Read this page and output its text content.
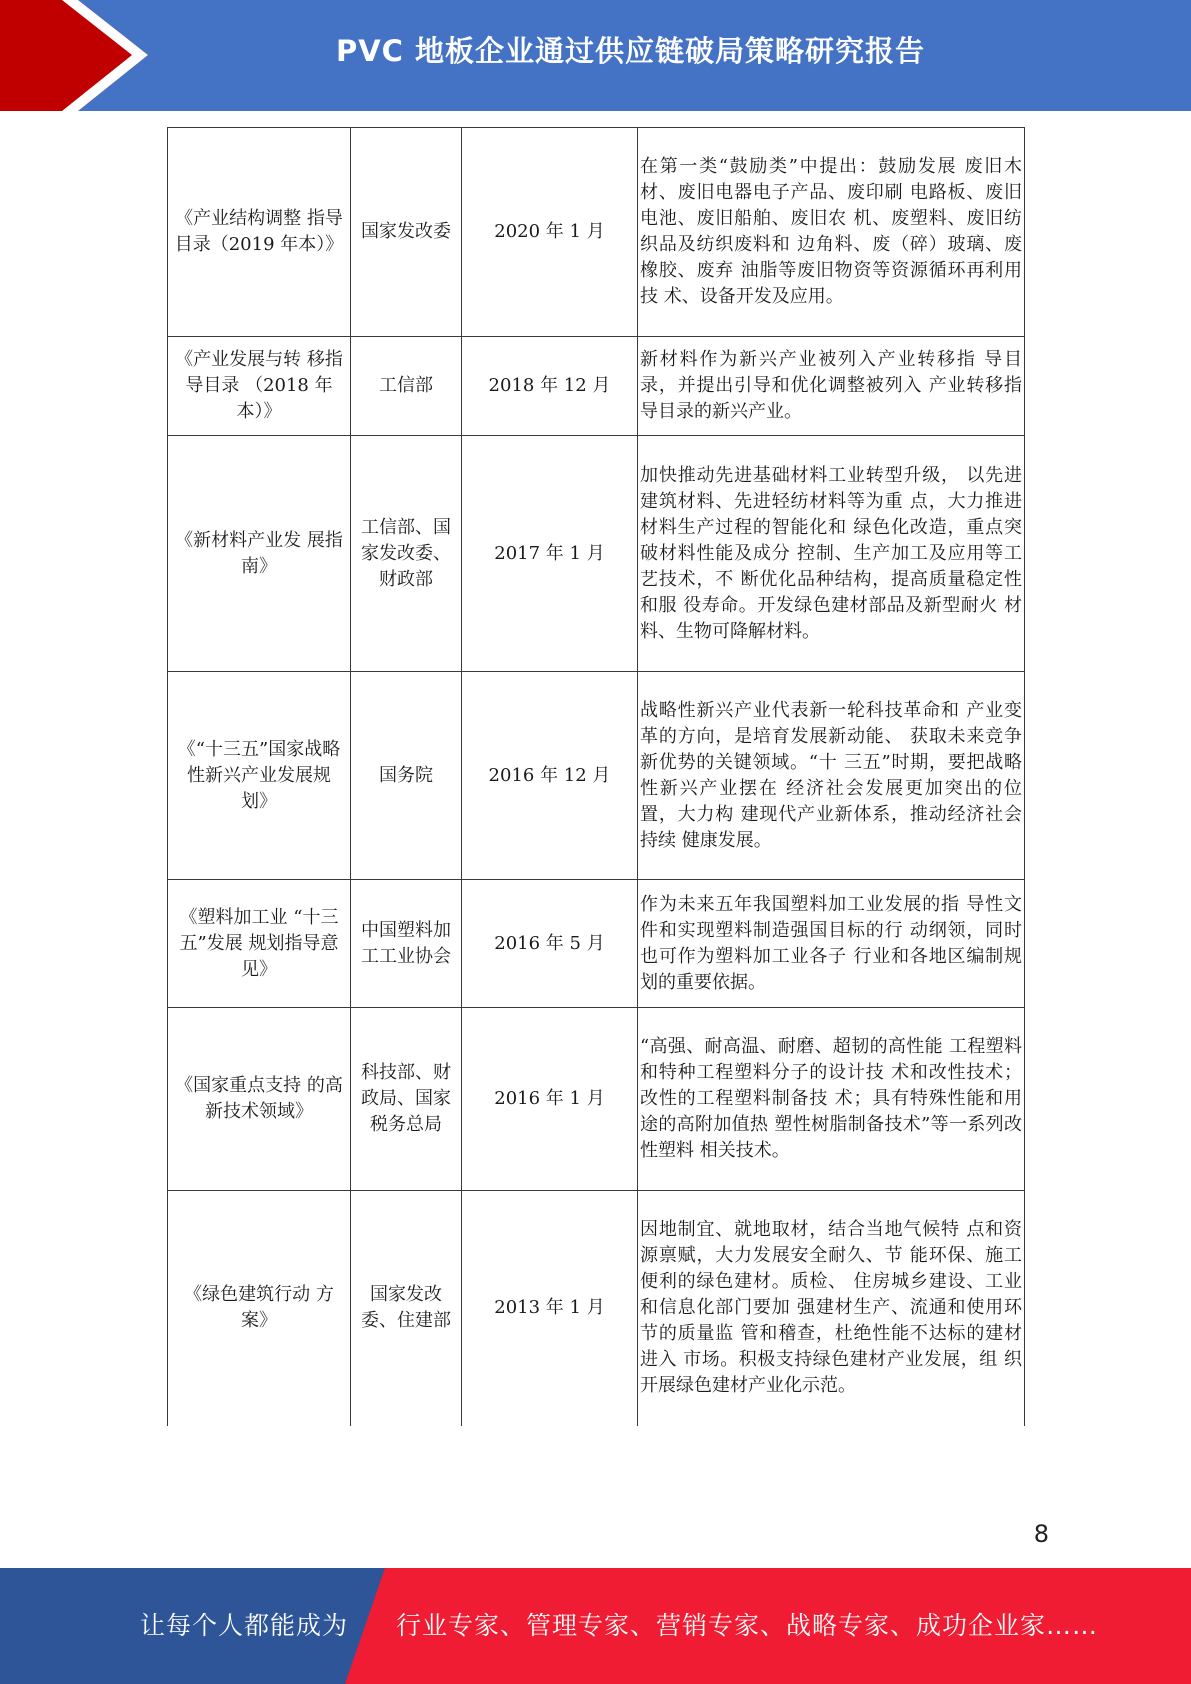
PVC 地板企业通过供应链破局策略研究报告
《产业结构调整 指导目录（2019 年本）》	国家发改委	2020 年 1 月	在第一类“鼓励类”中提出：鼓励发展 废旧木材、废旧电器电子产品、废印刷 电路板、废旧电池、废旧船舶、废旧农 机、废塑料、废旧纺织品及纺织废料和 边角料、废（碎）玻璃、废橡胶、废弃 油脂等废旧物资等资源循环再利用技 术、设备开发及应用。
《产业发展与转 移指导目录 （2018 年本）》	工信部	2018 年 12 月	新材料作为新兴产业被列入产业转移指 导目录，并提出引导和优化调整被列入 产业转移指导目录的新兴产业。
《新材料产业发 展指南》	工信部、国家发改委、财政部	2017 年 1 月	加快推动先进基础材料工业转型升级， 以先进建筑材料、先进轻纺材料等为重 点，大力推进材料生产过程的智能化和 绿色化改造，重点突破材料性能及成分 控制、生产加工及应用等工艺技术，不 断优化品种结构，提高质量稳定性和服 役寿命。开发绿色建材部品及新型耐火 材料、生物可降解材料。
《“十三五”国家战略性新兴产业发展规划》	国务院	2016 年 12 月	战略性新兴产业代表新一轮科技革命和 产业变革的方向，是培育发展新动能、 获取未来竞争新优势的关键领域。“十 三五”时期，要把战略性新兴产业摆在 经济社会发展更加突出的位置，大力构 建现代产业新体系，推动经济社会持续 健康发展。
《塑料加工业 “十三五”发展 规划指导意见》	中国塑料加工工业协会	2016 年 5 月	作为未来五年我国塑料加工业发展的指 导性文件和实现塑料制造强国目标的行 动纲领，同时也可作为塑料加工业各子 行业和各地区编制规划的重要依据。
《国家重点支持 的高新技术领域》	科技部、财政局、国家税务总局	2016 年 1 月	“高强、耐高温、耐磨、超韧的高性能 工程塑料和特种工程塑料分子的设计技 术和改性技术；改性的工程塑料制备技 术；具有特殊性能和用途的高附加值热 塑性树脂制备技术”等一系列改性塑料 相关技术。
《绿色建筑行动 方案》	国家发改委、住建部	2013 年 1 月	因地制宜、就地取材，结合当地气候特 点和资源禀赋，大力发展安全耐久、节 能环保、施工便利的绿色建材。质检、 住房城乡建设、工业和信息化部门要加 强建材生产、流通和使用环节的质量监 管和稽查，杜绝性能不达标的建材进入 市场。积极支持绿色建材产业发展，组 织开展绿色建材产业化示范。
8
让每个人都能成为 行业专家、管理专家、营销专家、战略专家、成功企业家……
